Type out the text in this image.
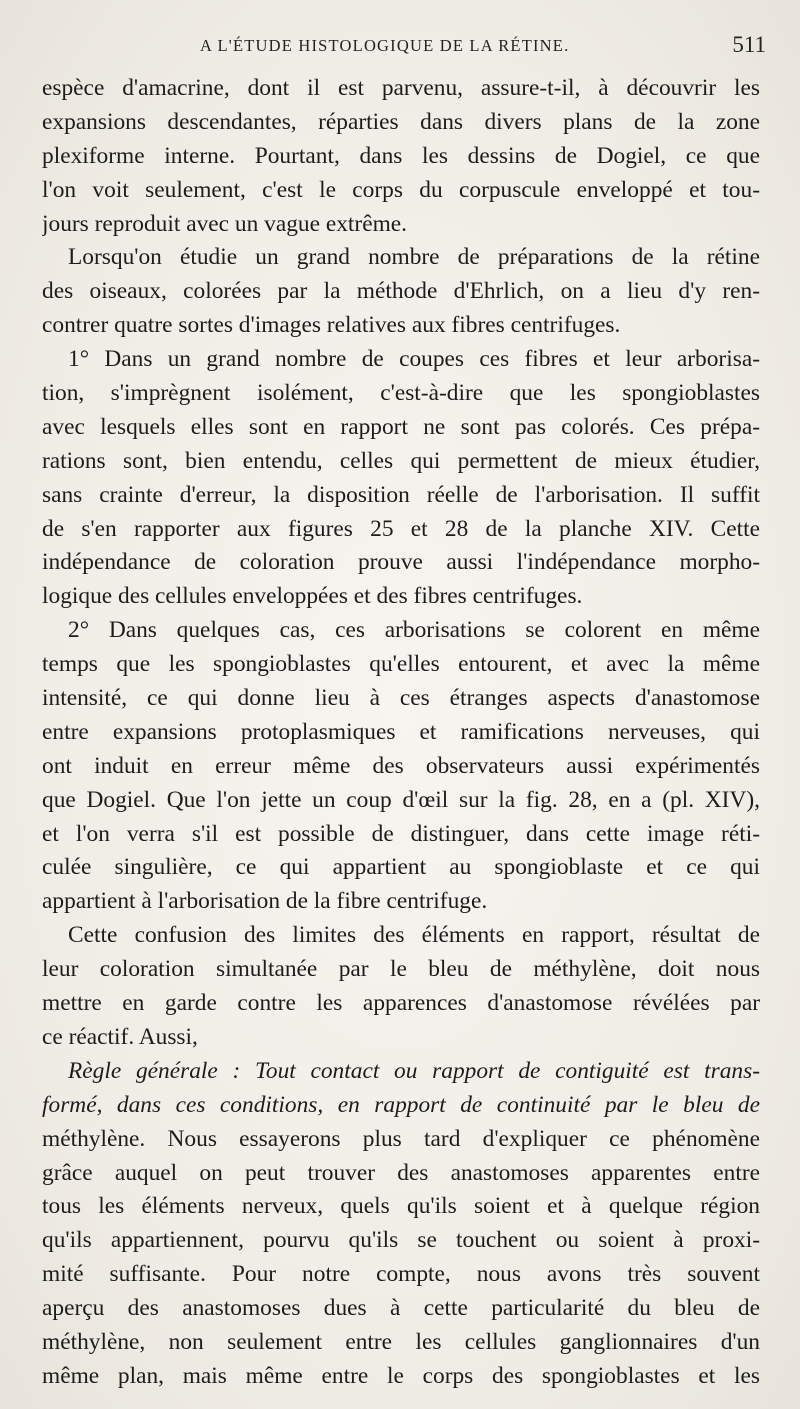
A L'ÉTUDE HISTOLOGIQUE DE LA RÉTINE.	511
espèce d'amacrine, dont il est parvenu, assure-t-il, à découvrir les
expansions descendantes, réparties dans divers plans de la zone
plexiforme interne. Pourtant, dans les dessins de Dogiel, ce que
l'on voit seulement, c'est le corps du corpuscule enveloppé et tou-
jours reproduit avec un vague extrême.
Lorsqu'on étudie un grand nombre de préparations de la rétine
des oiseaux, colorées par la méthode d'Ehrlich, on a lieu d'y ren-
contrer quatre sortes d'images relatives aux fibres centrifuges.
1° Dans un grand nombre de coupes ces fibres et leur arborisa-
tion, s'imprègnent isolément, c'est-à-dire que les spongioblastes
avec lesquels elles sont en rapport ne sont pas colorés. Ces prépa-
rations sont, bien entendu, celles qui permettent de mieux étudier,
sans crainte d'erreur, la disposition réelle de l'arborisation. Il suffit
de s'en rapporter aux figures 25 et 28 de la planche XIV. Cette
indépendance de coloration prouve aussi l'indépendance morpho-
logique des cellules enveloppées et des fibres centrifuges.
2° Dans quelques cas, ces arborisations se colorent en même
temps que les spongioblastes qu'elles entourent, et avec la même
intensité, ce qui donne lieu à ces étranges aspects d'anastomose
entre expansions protoplasmiques et ramifications nerveuses, qui
ont induit en erreur même des observateurs aussi expérimentés
que Dogiel. Que l'on jette un coup d'œil sur la fig. 28, en a (pl. XIV),
et l'on verra s'il est possible de distinguer, dans cette image réti-
culée singulière, ce qui appartient au spongioblaste et ce qui
appartient à l'arborisation de la fibre centrifuge.
Cette confusion des limites des éléments en rapport, résultat de
leur coloration simultanée par le bleu de méthylène, doit nous
mettre en garde contre les apparences d'anastomose révélées par
ce réactif. Aussi,
Règle générale : Tout contact ou rapport de contiguité est trans-
formé, dans ces conditions, en rapport de continuité par le bleu de
méthylène. Nous essayerons plus tard d'expliquer ce phénomène
grâce auquel on peut trouver des anastomoses apparentes entre
tous les éléments nerveux, quels qu'ils soient et à quelque région
qu'ils appartiennent, pourvu qu'ils se touchent ou soient à proxi-
mité suffisante. Pour notre compte, nous avons très souvent
aperçu des anastomoses dues à cette particularité du bleu de
méthylène, non seulement entre les cellules ganglionnaires d'un
même plan, mais même entre le corps des spongioblastes et les
